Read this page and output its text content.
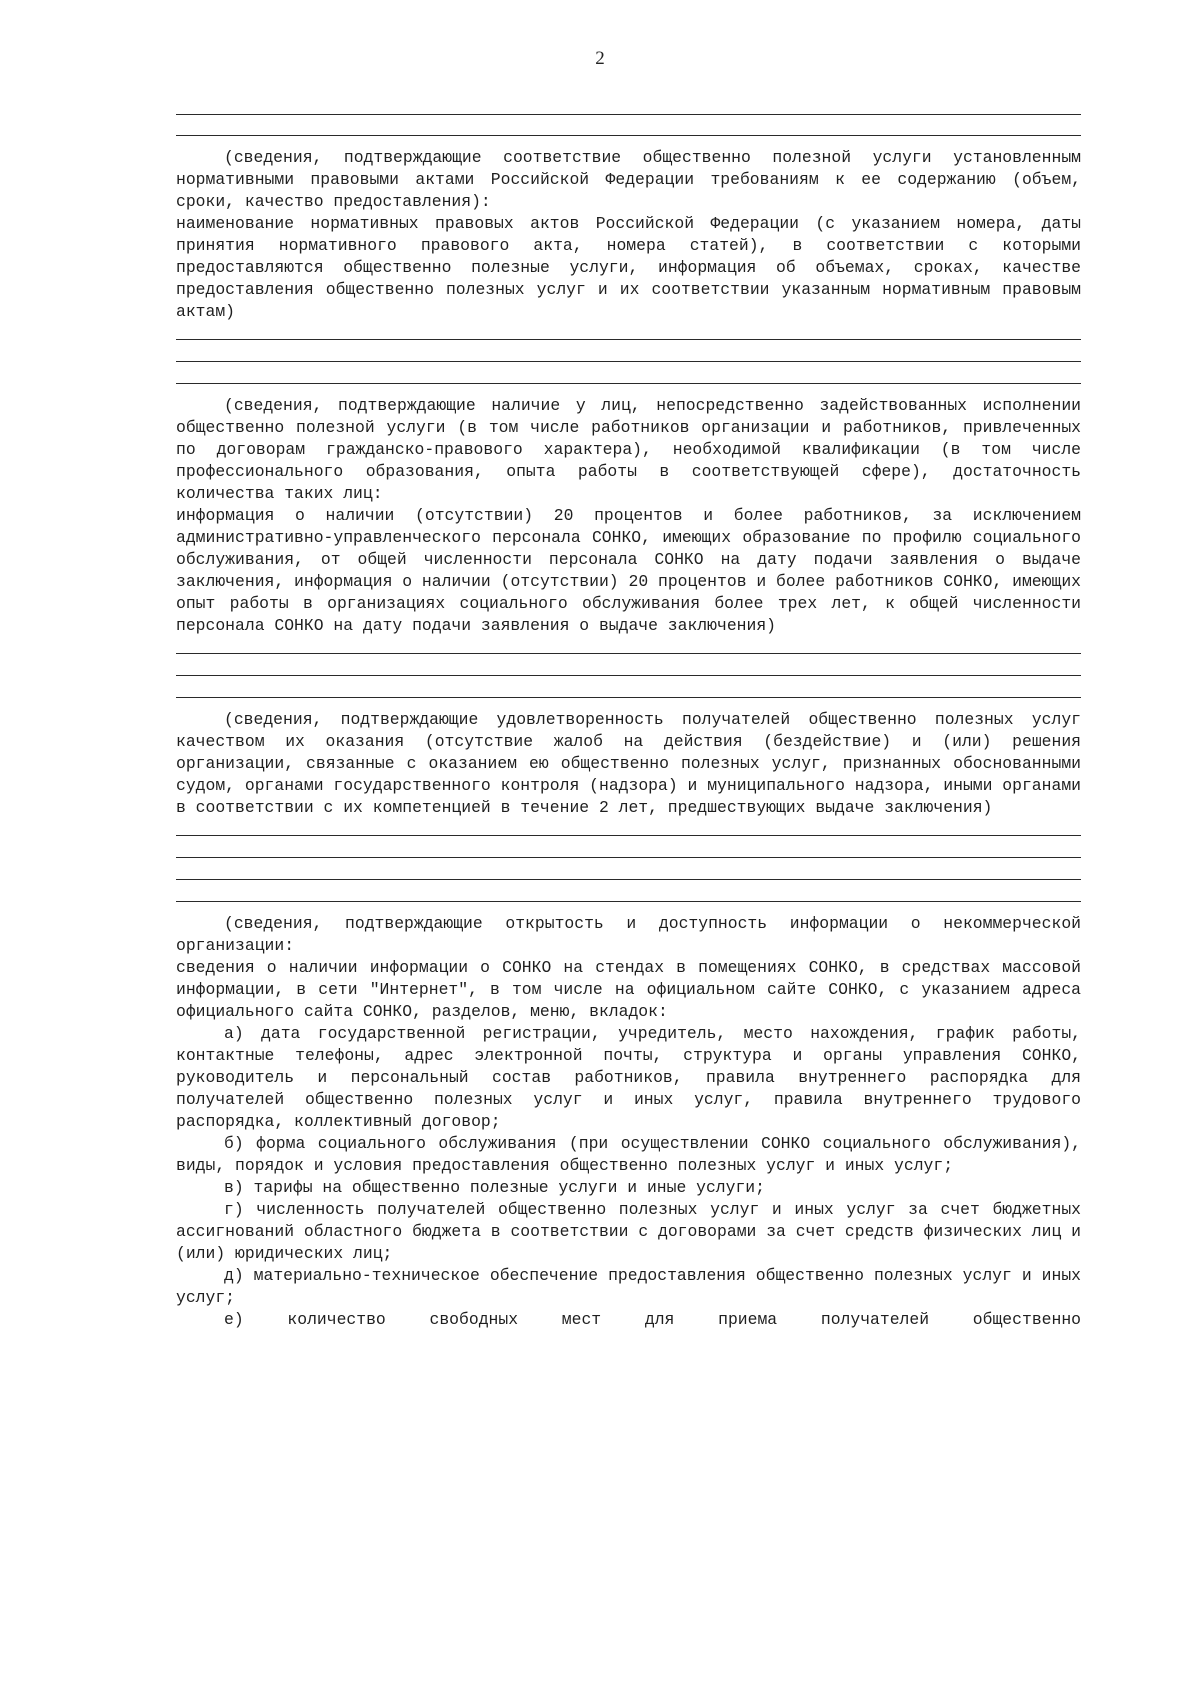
2

(сведения, подтверждающие соответствие общественно полезной услуги установленным нормативными правовыми актами Российской Федерации требованиям к ее содержанию (объем, сроки, качество предоставления):

наименование нормативных правовых актов Российской Федерации (с указанием номера, даты принятия нормативного правового акта, номера статей), в соответствии с которыми предоставляются общественно полезные услуги, информация об объемах, сроках, качестве предоставления общественно полезных услуг и их соответствии указанным нормативным правовым актам)

(сведения, подтверждающие наличие у лиц, непосредственно задействованных исполнении общественно полезной услуги (в том числе работников организации и работников, привлеченных по договорам гражданско-правового характера), необходимой квалификации (в том числе профессионального образования, опыта работы в соответствующей сфере), достаточность количества таких лиц:

информация о наличии (отсутствии) 20 процентов и более работников, за исключением административно-управленческого персонала СОНКО, имеющих образование по профилю социального обслуживания, от общей численности персонала СОНКО на дату подачи заявления о выдаче заключения, информация о наличии (отсутствии) 20 процентов и более работников СОНКО, имеющих опыт работы в организациях социального обслуживания более трех лет, к общей численности персонала СОНКО на дату подачи заявления о выдаче заключения)

(сведения, подтверждающие удовлетворенность получателей общественно полезных услуг качеством их оказания (отсутствие жалоб на действия (бездействие) и (или) решения организации, связанные с оказанием ею общественно полезных услуг, признанных обоснованными судом, органами государственного контроля (надзора) и муниципального надзора, иными органами в соответствии с их компетенцией в течение 2 лет, предшествующих выдаче заключения)

(сведения, подтверждающие открытость и доступность информации о некоммерческой организации:

сведения о наличии информации о СОНКО на стендах в помещениях СОНКО, в средствах массовой информации, в сети "Интернет", в том числе на официальном сайте СОНКО, с указанием адреса официального сайта СОНКО, разделов, меню, вкладок:

а) дата государственной регистрации, учредитель, место нахождения, график работы, контактные телефоны, адрес электронной почты, структура и органы управления СОНКО, руководитель и персональный состав работников, правила внутреннего распорядка для получателей общественно полезных услуг и иных услуг, правила внутреннего трудового распорядка, коллективный договор;

б) форма социального обслуживания (при осуществлении СОНКО социального обслуживания), виды, порядок и условия предоставления общественно полезных услуг и иных услуг;

в) тарифы на общественно полезные услуги и иные услуги;

г) численность получателей общественно полезных услуг и иных услуг за счет бюджетных ассигнований областного бюджета в соответствии с договорами за счет средств физических лиц и (или) юридических лиц;

д) материально-техническое обеспечение предоставления общественно полезных услуг и иных услуг;

е) количество свободных мест для приема получателей общественно
